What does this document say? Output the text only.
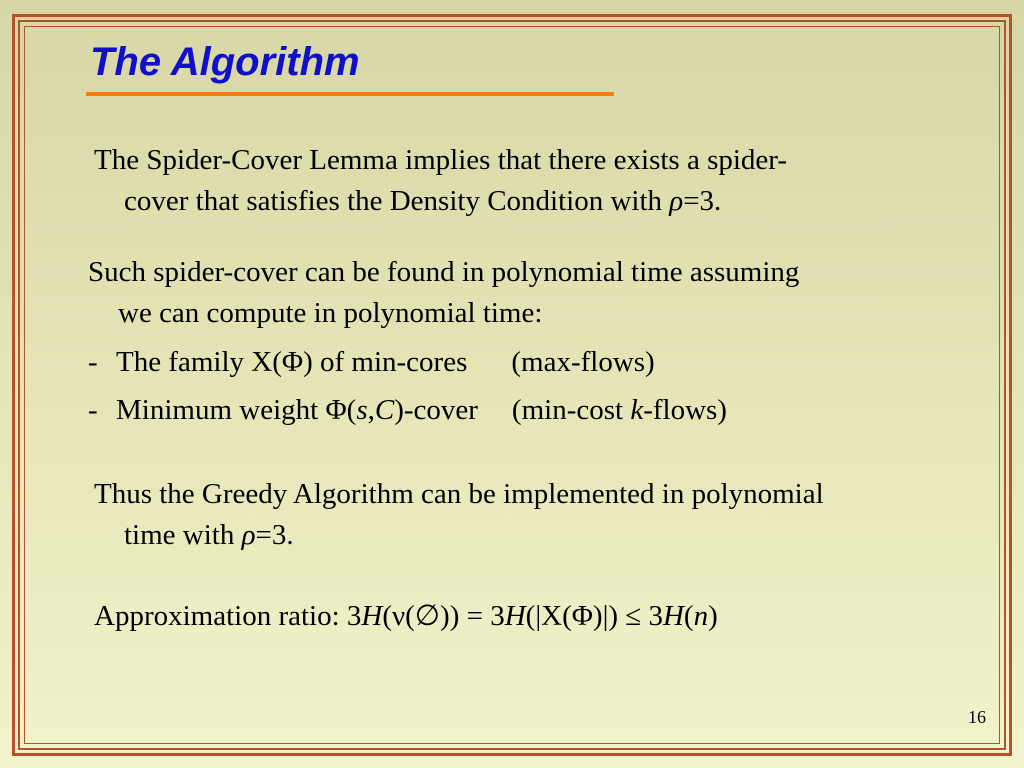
The Algorithm

The Spider-Cover Lemma implies that there exists a spider-
cover that satisfies the Density Condition with ρ=3.

Such spider-cover can be found in polynomial time assuming
we can compute in polynomial time:

- The family Χ(Φ) of min-cores (max-flows)

- Minimum weight Φ(s,C)-cover (min-cost k-flows)

Thus the Greedy Algorithm can be implemented in polynomial
time with ρ=3.

Approximation ratio: 3H(ν(∅)) = 3H(|Χ(Φ)|) ≤ 3H(n)

16
